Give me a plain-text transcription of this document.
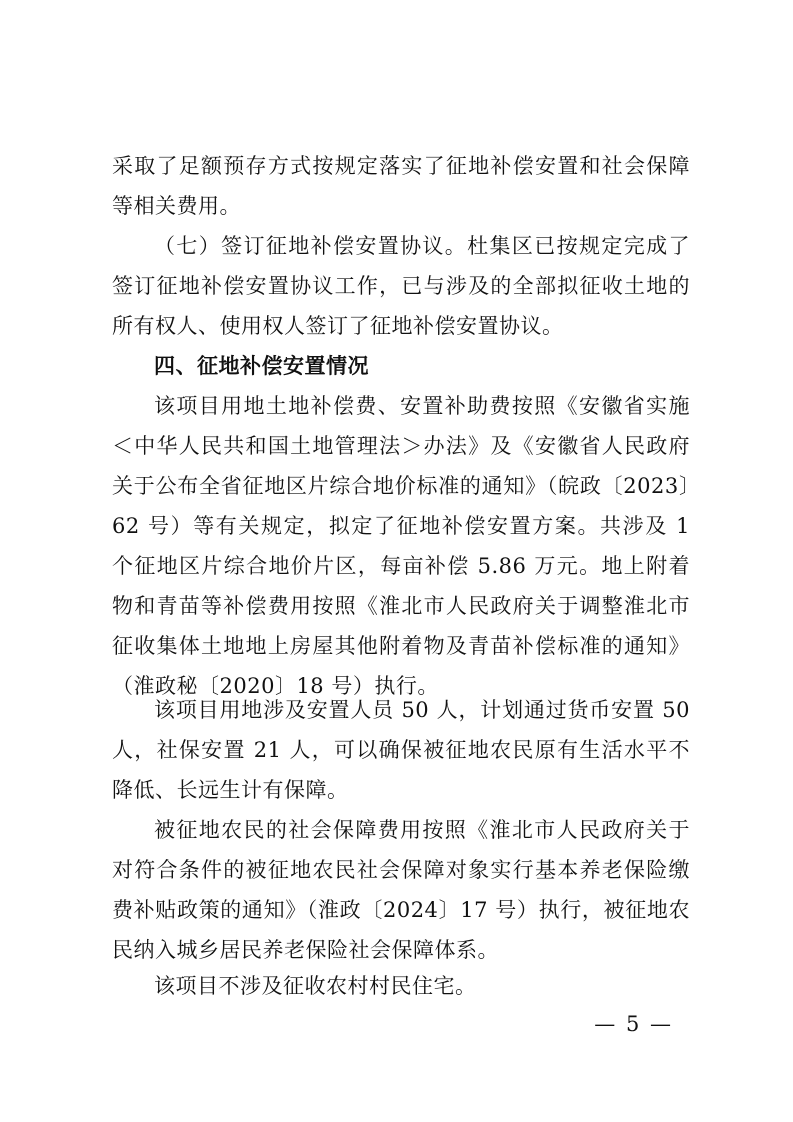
采取了足额预存方式按规定落实了征地补偿安置和社会保障等相关费用。

（七）签订征地补偿安置协议。杜集区已按规定完成了签订征地补偿安置协议工作，已与涉及的全部拟征收土地的所有权人、使用权人签订了征地补偿安置协议。

四、征地补偿安置情况

该项目用地土地补偿费、安置补助费按照《安徽省实施＜中华人民共和国土地管理法＞办法》及《安徽省人民政府关于公布全省征地区片综合地价标准的通知》（皖政〔2023〕62 号）等有关规定，拟定了征地补偿安置方案。共涉及 1 个征地区片综合地价片区，每亩补偿 5.86 万元。地上附着物和青苗等补偿费用按照《淮北市人民政府关于调整淮北市征收集体土地地上房屋其他附着物及青苗补偿标准的通知》（淮政秘〔2020〕18 号）执行。

该项目用地涉及安置人员 50 人，计划通过货币安置 50 人，社保安置 21 人，可以确保被征地农民原有生活水平不降低、长远生计有保障。

被征地农民的社会保障费用按照《淮北市人民政府关于对符合条件的被征地农民社会保障对象实行基本养老保险缴费补贴政策的通知》（淮政〔2024〕17 号）执行，被征地农民纳入城乡居民养老保险社会保障体系。

该项目不涉及征收农村村民住宅。

— 5 —
